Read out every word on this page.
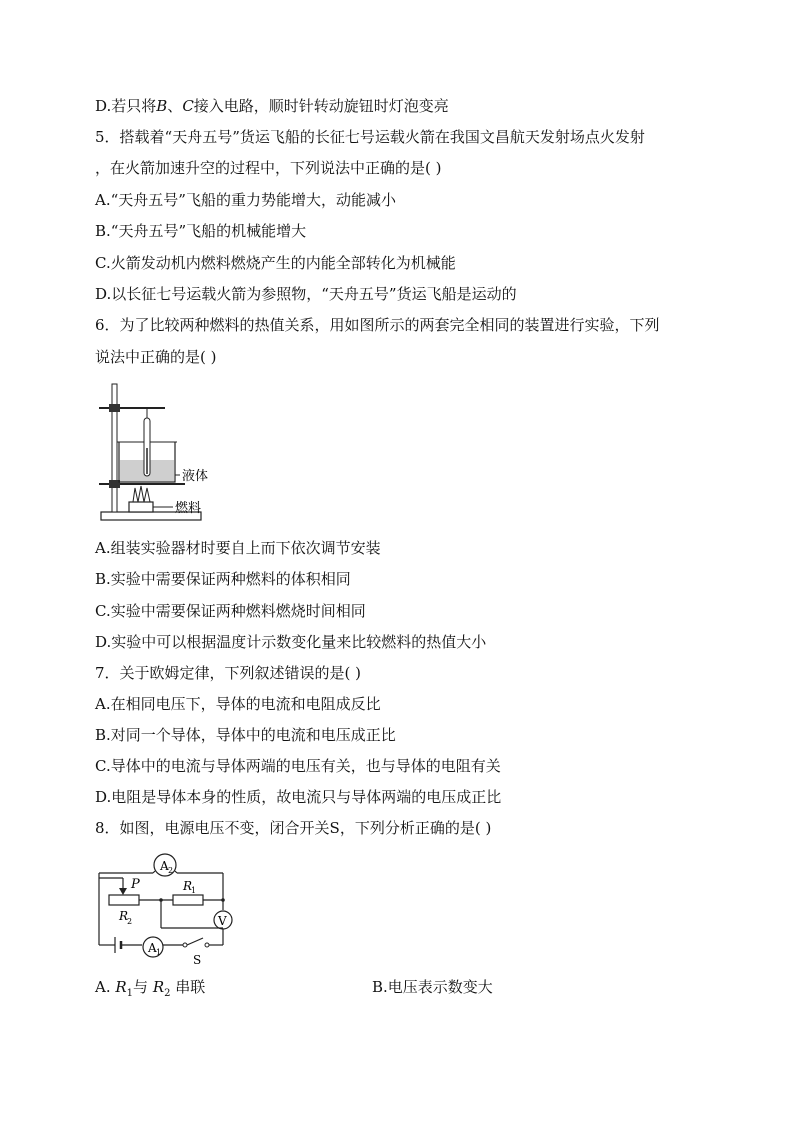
D.若只将B、C接入电路，顺时针转动旋钮时灯泡变亮
5．搭载着“天舟五号”货运飞船的长征七号运载火箭在我国文昌航天发射场点火发射
，在火箭加速升空的过程中，下列说法中正确的是( )
A.“天舟五号”飞船的重力势能增大，动能减小
B.“天舟五号”飞船的机械能增大
C.火箭发动机内燃料燃烧产生的内能全部转化为机械能
D.以长征七号运载火箭为参照物，“天舟五号”货运飞船是运动的
6．为了比较两种燃料的热值关系，用如图所示的两套完全相同的装置进行实验，下列
说法中正确的是( )
液体
燃料
A.组装实验器材时要自上而下依次调节安装
B.实验中需要保证两种燃料的体积相同
C.实验中需要保证两种燃料燃烧时间相同
D.实验中可以根据温度计示数变化量来比较燃料的热值大小
7．关于欧姆定律，下列叙述错误的是( )
A.在相同电压下，导体的电流和电阻成反比
B.对同一个导体，导体中的电流和电压成正比
C.导体中的电流与导体两端的电压有关，也与导体的电阻有关
D.电阻是导体本身的性质，故电流只与导体两端的电压成正比
8．如图，电源电压不变，闭合开关S，下列分析正确的是( )
A 2
P
R
2
R
1
V
A 1
S
A. $R_1$与 $R_2$ 串联	B.电压表示数变大
